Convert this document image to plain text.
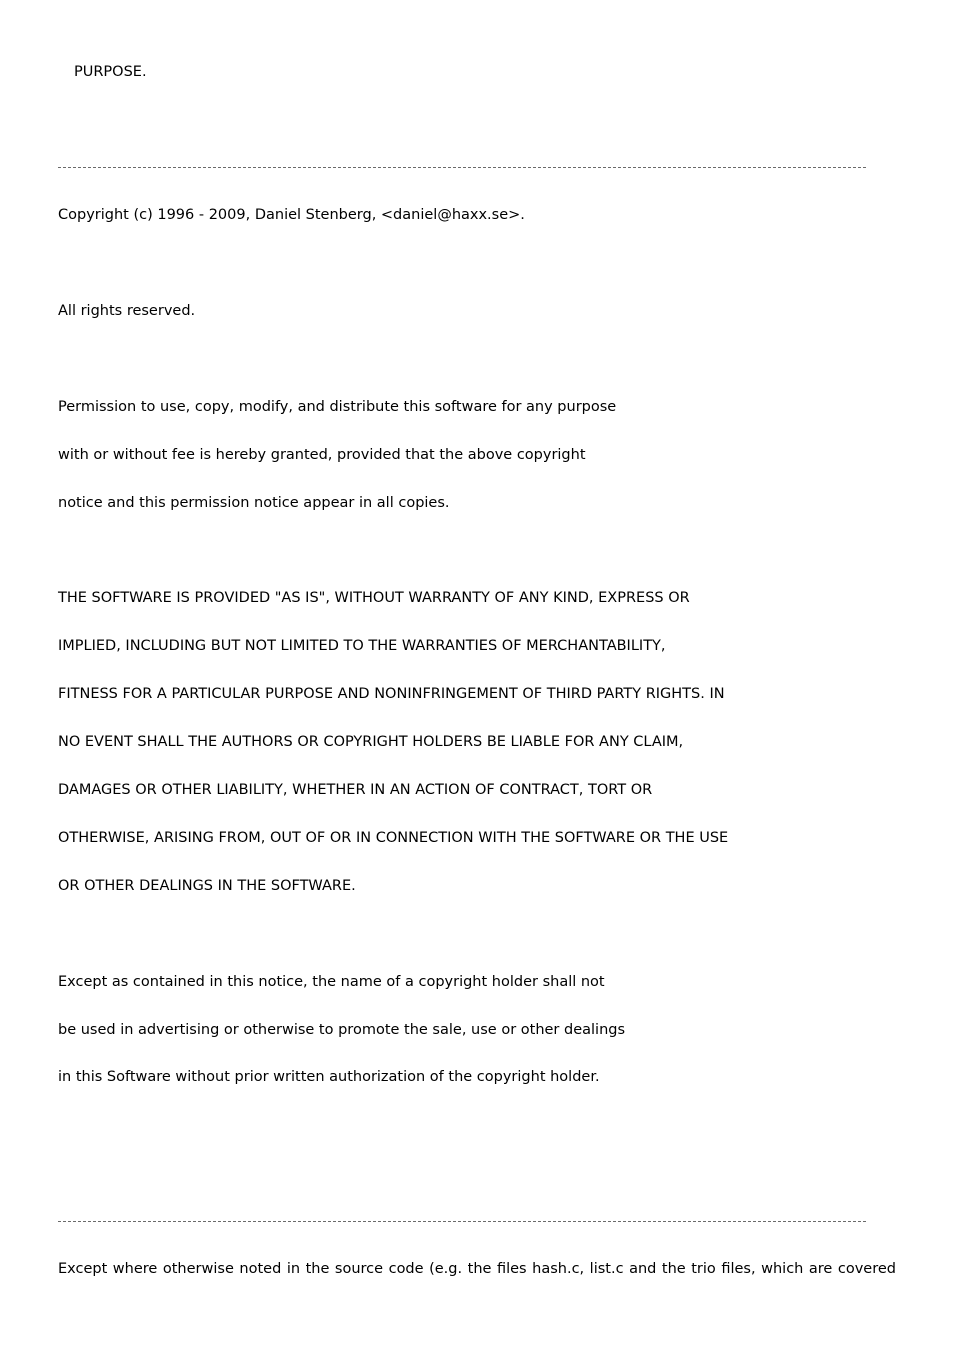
PURPOSE.
Copyright (c) 1996 - 2009, Daniel Stenberg, <daniel@haxx.se>.
All rights reserved.
Permission to use, copy, modify, and distribute this software for any purpose
with or without fee is hereby granted, provided that the above copyright
notice and this permission notice appear in all copies.
THE SOFTWARE IS PROVIDED "AS IS", WITHOUT WARRANTY OF ANY KIND, EXPRESS OR
IMPLIED, INCLUDING BUT NOT LIMITED TO THE WARRANTIES OF MERCHANTABILITY,
FITNESS FOR A PARTICULAR PURPOSE AND NONINFRINGEMENT OF THIRD PARTY RIGHTS. IN
NO EVENT SHALL THE AUTHORS OR COPYRIGHT HOLDERS BE LIABLE FOR ANY CLAIM,
DAMAGES OR OTHER LIABILITY, WHETHER IN AN ACTION OF CONTRACT, TORT OR
OTHERWISE, ARISING FROM, OUT OF OR IN CONNECTION WITH THE SOFTWARE OR THE USE
OR OTHER DEALINGS IN THE SOFTWARE.
Except as contained in this notice, the name of a copyright holder shall not
be used in advertising or otherwise to promote the sale, use or other dealings
in this Software without prior written authorization of the copyright holder.
Except where otherwise noted in the source code (e.g. the files hash.c, list.c and the trio files, which are covered
